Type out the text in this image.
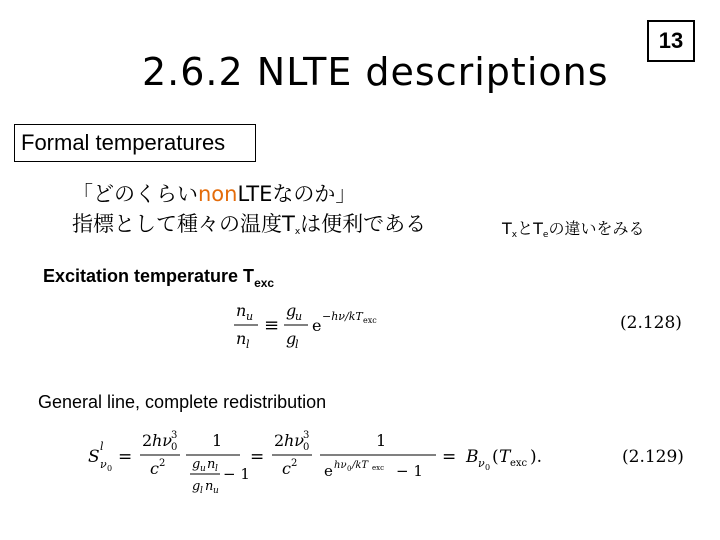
2.6.2 NLTE descriptions
13
Formal temperatures
「どのくらいnonLTEなのか」
指標として種々の温度$T_x$は便利である	$T_x$と$T_e$の違いをみる
Excitation temperature $T_{exc}$
n u
n l
≡
g
u
g
l
e −hν/kT exc	(2.128)
General line, complete redistribution
S
l
ν 0
=
2 hν
3
0
c 2
1
g u n l
g l n u
− 1
=
2 hν
3
0
c 2
1
e hν 0 /kT exc − 1
= B ν 0
( T exc ).	(2.129)
